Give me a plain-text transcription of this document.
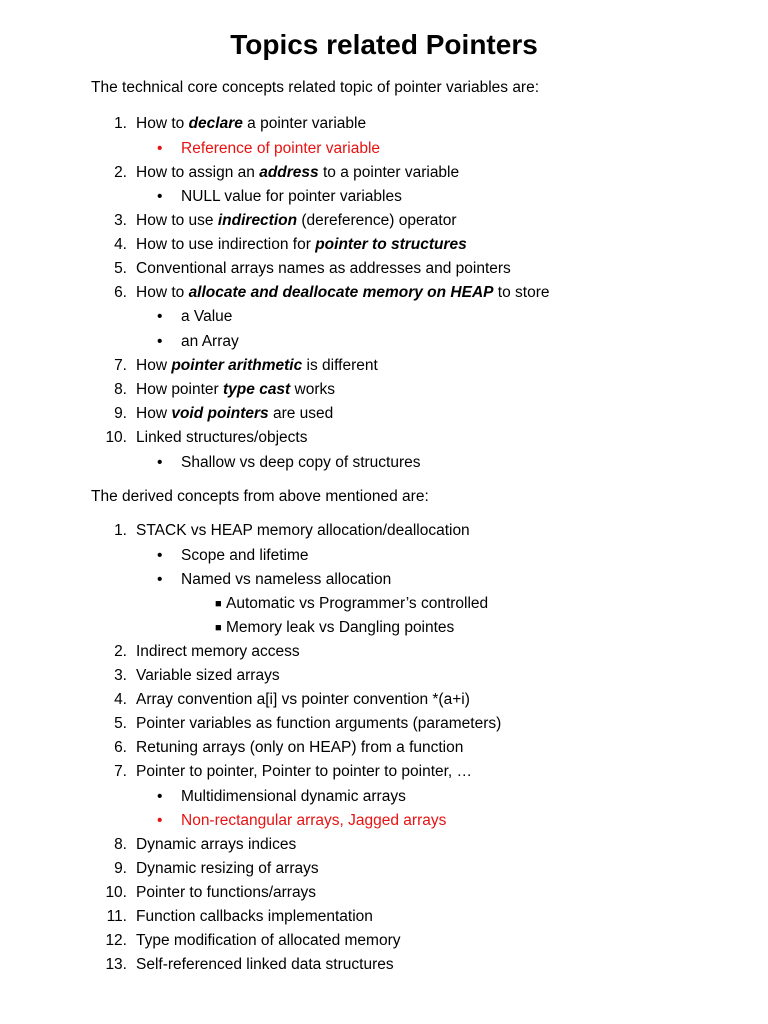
Topics related Pointers
The technical core concepts related topic of pointer variables are:
1. How to declare a pointer variable
• Reference of pointer variable
2. How to assign an address to a pointer variable
• NULL value for pointer variables
3. How to use indirection (dereference) operator
4. How to use indirection for pointer to structures
5. Conventional arrays names as addresses and pointers
6. How to allocate and deallocate memory on HEAP to store
• a Value
• an Array
7. How pointer arithmetic is different
8. How pointer type cast works
9. How void pointers are used
10. Linked structures/objects
• Shallow vs deep copy of structures
The derived concepts from above mentioned are:
1. STACK vs HEAP memory allocation/deallocation
• Scope and lifetime
• Named vs nameless allocation
■ Automatic vs Programmer’s controlled
■ Memory leak vs Dangling pointes
2. Indirect memory access
3. Variable sized arrays
4. Array convention a[i] vs pointer convention *(a+i)
5. Pointer variables as function arguments (parameters)
6. Retuning arrays (only on HEAP) from a function
7. Pointer to pointer, Pointer to pointer to pointer, …
• Multidimensional dynamic arrays
• Non-rectangular arrays, Jagged arrays
8. Dynamic arrays indices
9. Dynamic resizing of arrays
10. Pointer to functions/arrays
11. Function callbacks implementation
12. Type modification of allocated memory
13. Self-referenced linked data structures
